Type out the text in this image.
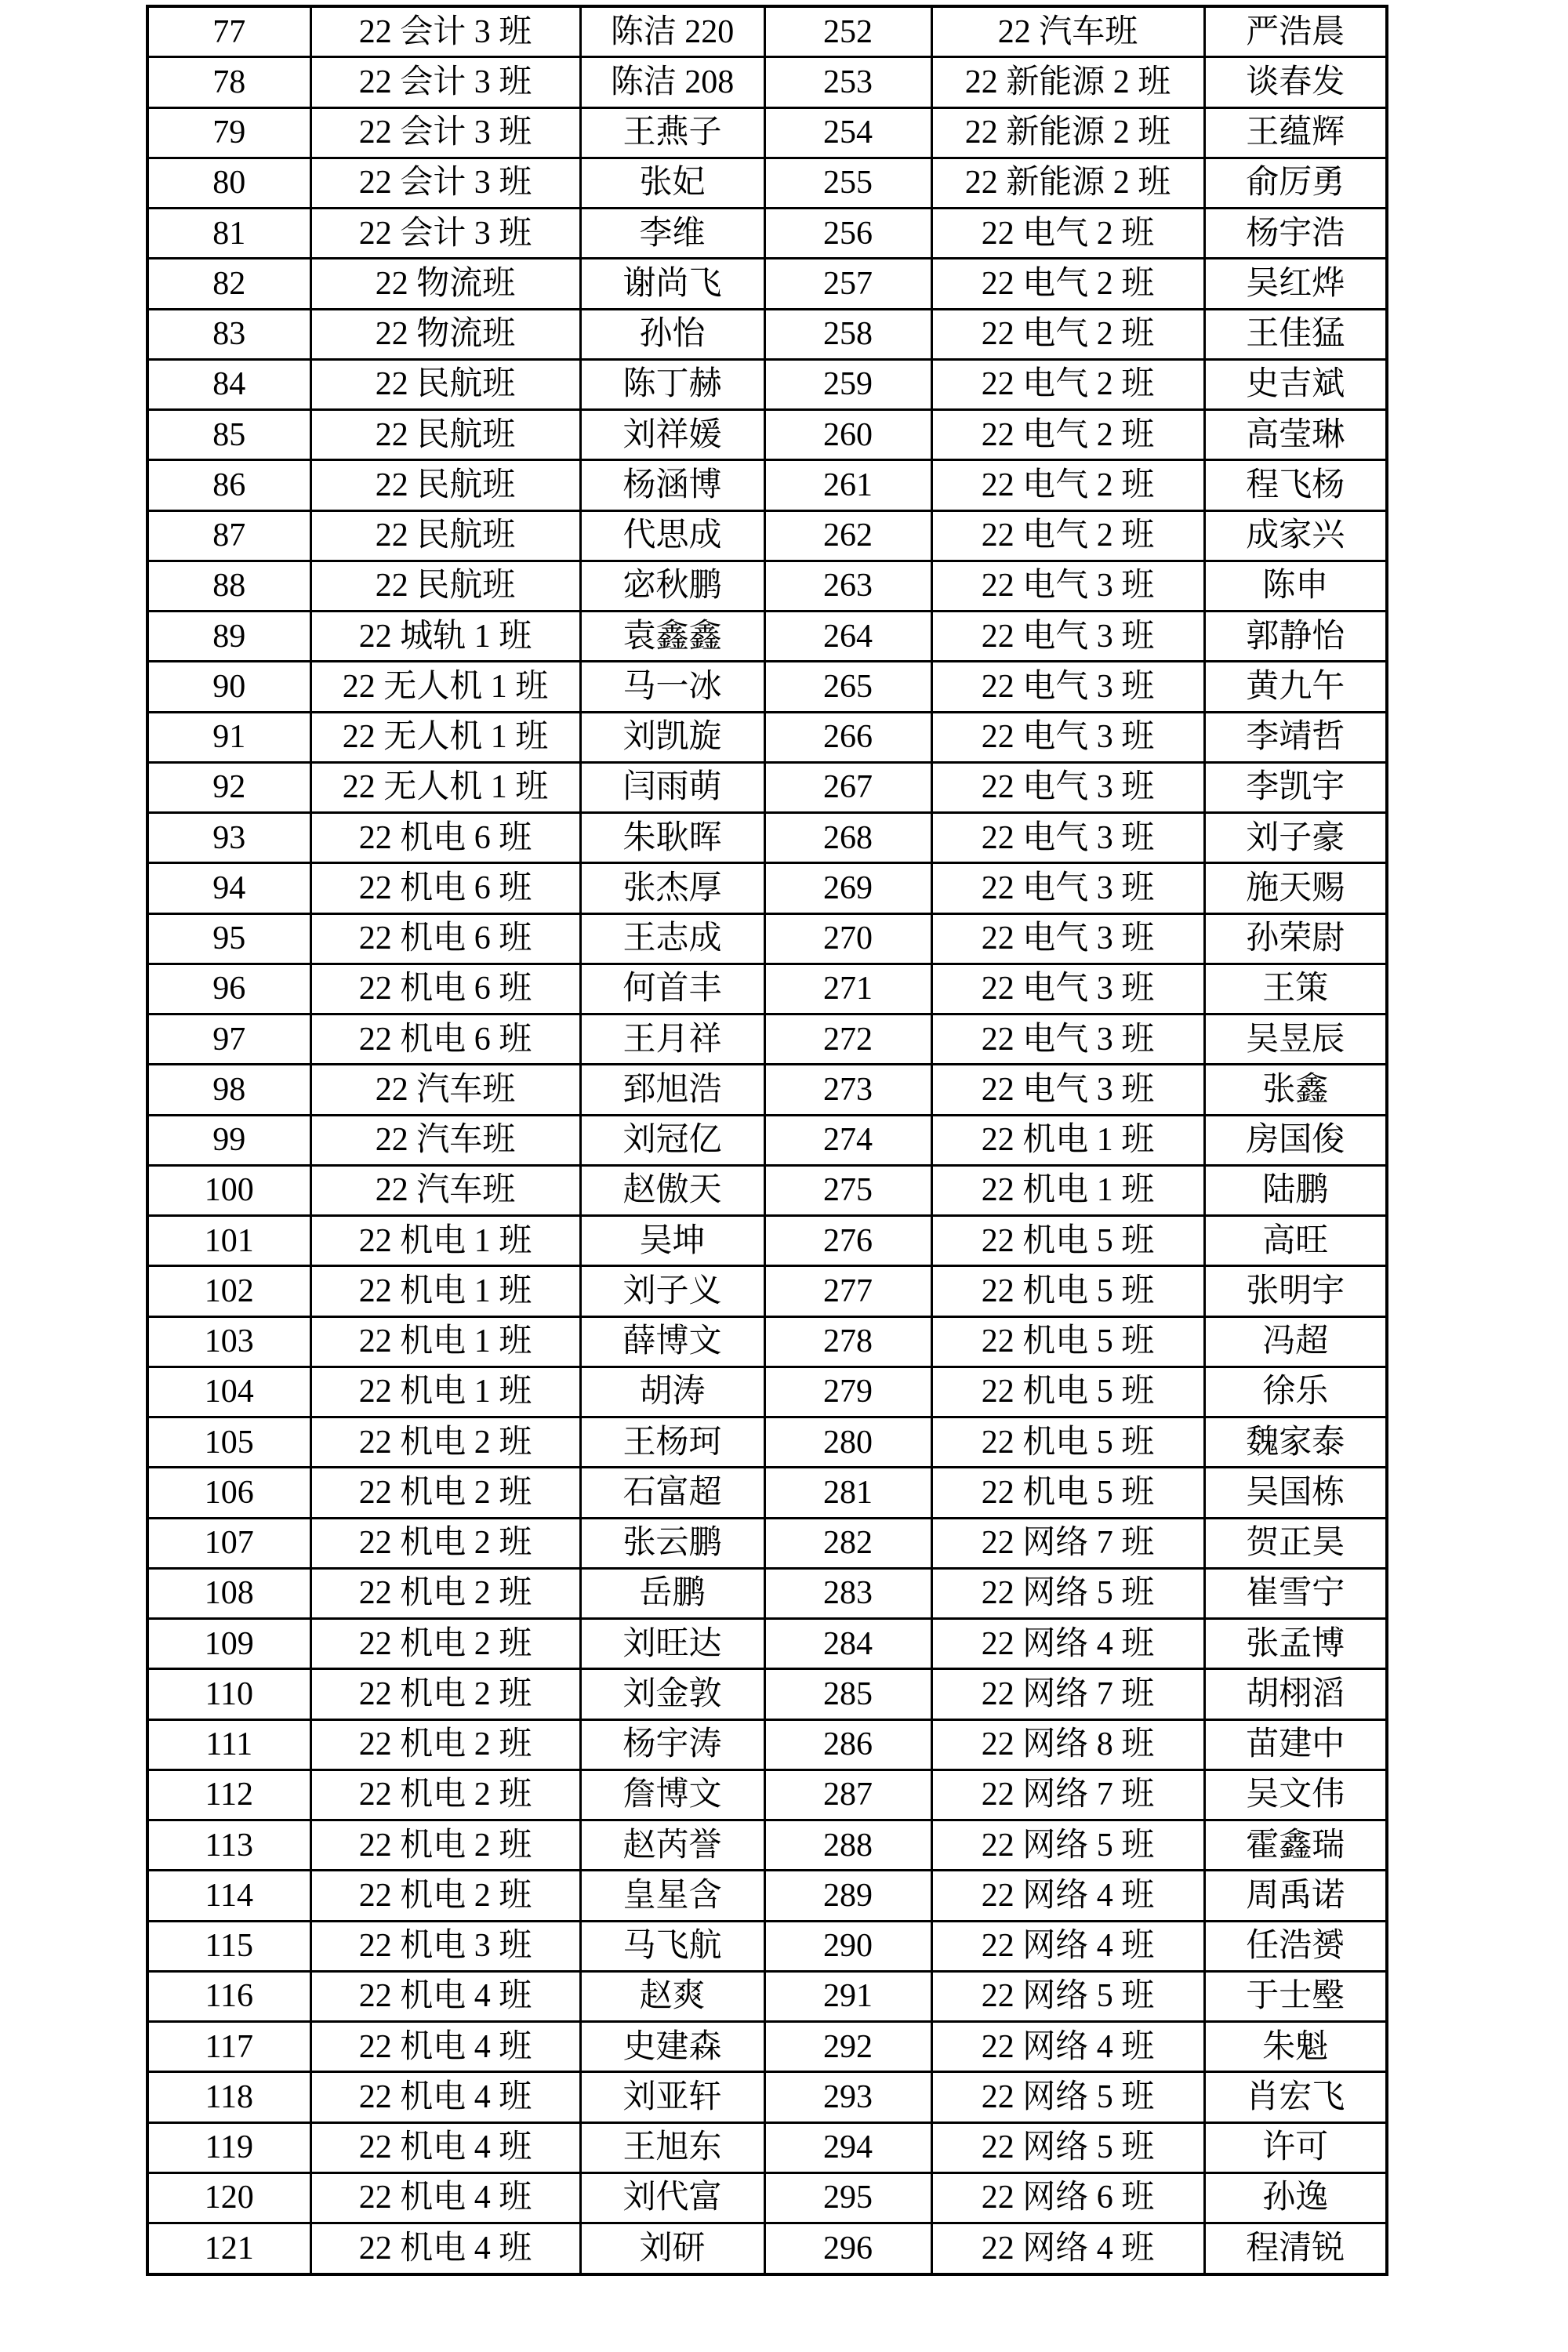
77	22 会计 3 班	陈洁 220	252	22 汽车班	严浩晨
78	22 会计 3 班	陈洁 208	253	22 新能源 2 班	谈春发
79	22 会计 3 班	王燕子	254	22 新能源 2 班	王蕴辉
80	22 会计 3 班	张妃	255	22 新能源 2 班	俞厉勇
81	22 会计 3 班	李维	256	22 电气 2 班	杨宇浩
82	22 物流班	谢尚飞	257	22 电气 2 班	吴红烨
83	22 物流班	孙怡	258	22 电气 2 班	王佳猛
84	22 民航班	陈丁赫	259	22 电气 2 班	史吉斌
85	22 民航班	刘祥媛	260	22 电气 2 班	高莹琳
86	22 民航班	杨涵博	261	22 电气 2 班	程飞杨
87	22 民航班	代思成	262	22 电气 2 班	成家兴
88	22 民航班	宓秋鹏	263	22 电气 3 班	陈申
89	22 城轨 1 班	袁鑫鑫	264	22 电气 3 班	郭静怡
90	22 无人机 1 班	马一冰	265	22 电气 3 班	黄九午
91	22 无人机 1 班	刘凯旋	266	22 电气 3 班	李靖哲
92	22 无人机 1 班	闫雨萌	267	22 电气 3 班	李凯宇
93	22 机电 6 班	朱耿晖	268	22 电气 3 班	刘子豪
94	22 机电 6 班	张杰厚	269	22 电气 3 班	施天赐
95	22 机电 6 班	王志成	270	22 电气 3 班	孙荣尉
96	22 机电 6 班	何首丰	271	22 电气 3 班	王策
97	22 机电 6 班	王月祥	272	22 电气 3 班	吴昱辰
98	22 汽车班	郅旭浩	273	22 电气 3 班	张鑫
99	22 汽车班	刘冠亿	274	22 机电 1 班	房国俊
100	22 汽车班	赵傲天	275	22 机电 1 班	陆鹏
101	22 机电 1 班	吴坤	276	22 机电 5 班	高旺
102	22 机电 1 班	刘子义	277	22 机电 5 班	张明宇
103	22 机电 1 班	薛博文	278	22 机电 5 班	冯超
104	22 机电 1 班	胡涛	279	22 机电 5 班	徐乐
105	22 机电 2 班	王杨珂	280	22 机电 5 班	魏家泰
106	22 机电 2 班	石富超	281	22 机电 5 班	吴国栋
107	22 机电 2 班	张云鹏	282	22 网络 7 班	贺正昊
108	22 机电 2 班	岳鹏	283	22 网络 5 班	崔雪宁
109	22 机电 2 班	刘旺达	284	22 网络 4 班	张孟博
110	22 机电 2 班	刘金敦	285	22 网络 7 班	胡栩滔
111	22 机电 2 班	杨宇涛	286	22 网络 8 班	苗建中
112	22 机电 2 班	詹博文	287	22 网络 7 班	吴文伟
113	22 机电 2 班	赵芮誉	288	22 网络 5 班	霍鑫瑞
114	22 机电 2 班	皇星含	289	22 网络 4 班	周禹诺
115	22 机电 3 班	马飞航	290	22 网络 4 班	任浩赟
116	22 机电 4 班	赵爽	291	22 网络 5 班	于士壂
117	22 机电 4 班	史建森	292	22 网络 4 班	朱魁
118	22 机电 4 班	刘亚轩	293	22 网络 5 班	肖宏飞
119	22 机电 4 班	王旭东	294	22 网络 5 班	许可
120	22 机电 4 班	刘代富	295	22 网络 6 班	孙逸
121	22 机电 4 班	刘研	296	22 网络 4 班	程清锐
